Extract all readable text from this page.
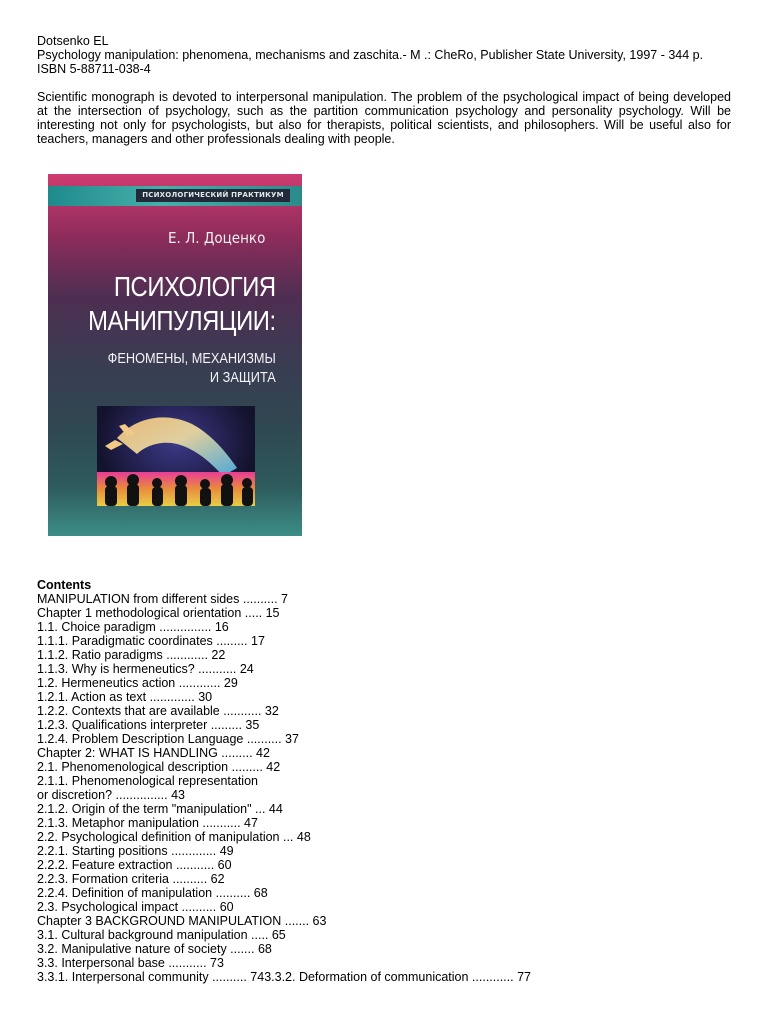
Dotsenko EL
Psychology manipulation: phenomena, mechanisms and zaschita.- M .: CheRo, Publisher State University, 1997 - 344 p.
ISBN 5-88711-038-4
Scientific monograph is devoted to interpersonal manipulation. The problem of the psychological impact of being developed at the intersection of psychology, such as the partition communication psychology and personality psychology. Will be interesting not only for psychologists, but also for therapists, political scientists, and philosophers. Will be useful also for teachers, managers and other professionals dealing with people.
ПСИХОЛОГИЧЕСКИЙ ПРАКТИКУМ
Е. Л. Доценко
ПСИХОЛОГИЯ
МАНИПУЛЯЦИИ:
ФЕНОМЕНЫ, МЕХАНИЗМЫ
И ЗАЩИТА
Contents
MANIPULATION from different sides .......... 7
Chapter 1 methodological orientation ..... 15
1.1. Choice paradigm ............... 16
1.1.1. Paradigmatic coordinates ......... 17
1.1.2. Ratio paradigms ............ 22
1.1.3. Why is hermeneutics? ........... 24
1.2. Hermeneutics action ............ 29
1.2.1. Action as text ............. 30
1.2.2. Contexts that are available ........... 32
1.2.3. Qualifications interpreter ......... 35
1.2.4. Problem Description Language .......... 37
Chapter 2: WHAT IS HANDLING ......... 42
2.1. Phenomenological description ......... 42
2.1.1. Phenomenological representation
or discretion? ............... 43
2.1.2. Origin of the term "manipulation" ... 44
2.1.3. Metaphor manipulation ........... 47
2.2. Psychological definition of manipulation ... 48
2.2.1. Starting positions ............. 49
2.2.2. Feature extraction ........... 60
2.2.3. Formation criteria .......... 62
2.2.4. Definition of manipulation .......... 68
2.3. Psychological impact .......... 60
Chapter 3 BACKGROUND MANIPULATION ....... 63
3.1. Cultural background manipulation ..... 65
3.2. Manipulative nature of society ....... 68
3.3. Interpersonal base ........... 73
3.3.1. Interpersonal community .......... 743.3.2. Deformation of communication ............ 77
